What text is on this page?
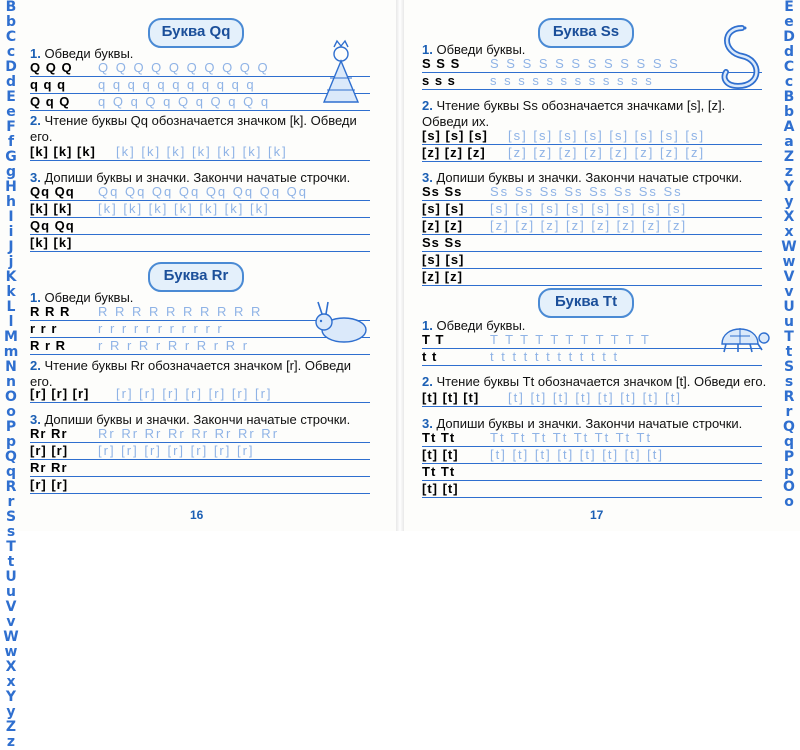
B
b
C
c
D
d
E
e
F
f
G
g
H
h
I
i
J
j
K
k
L
l
M
m
N
n
O
o
P
p
Q
q
R
r
S
s
T
t
U
u
V
v
W
w
X
x
Y
y
Z
z
E
e
D
d
C
c
B
b
A
a
Z
z
Y
y
X
x
W
w
V
v
U
u
T
t
S
s
R
r
Q
q
P
p
O
o
Буква Qq
1. Обведи буквы.
Q Q Q Q Q Q Q Q Q Q Q Q Q
q q q q q q q q q q q q q q
Q q Q q Q q Q q Q q Q q Q q
2. Чтение буквы Qq обозначается значком [k]. Обведи его.
[k] [k] [k] [k] [k] [k] [k] [k] [k] [k]
3. Допиши буквы и значки. Закончи начатые строчки.
Qq Qq Qq Qq Qq Qq Qq Qq Qq Qq
[k] [k] [k] [k] [k] [k] [k] [k] [k]
Qq Qq
[k] [k]
Буква Rr
1. Обведи буквы.
R R R R R R R R R R R R R
r r r	r r r r r r r r r r r
R r R r R r R r R r R r R r
2. Чтение буквы Rr обозначается значком [r]. Обведи его.
[r] [r] [r] [r] [r] [r] [r] [r] [r] [r]
3. Допиши буквы и значки. Закончи начатые строчки.
Rr Rr Rr Rr Rr Rr Rr Rr Rr Rr
[r] [r] [r] [r] [r] [r] [r] [r] [r]
Rr Rr
[r] [r]
16
Буква Ss
1. Обведи буквы.
S S S S S S S S S S S S S S S
s s s	s s s s s s s s s s s s
2. Чтение буквы Ss обозначается значками [s], [z]. Обведи их.
[s] [s] [s] [s] [s] [s] [s] [s] [s] [s] [s]
[z] [z] [z] [z] [z] [z] [z] [z] [z] [z] [z]
3. Допиши буквы и значки. Закончи начатые строчки.
Ss Ss Ss Ss Ss Ss Ss Ss Ss Ss
[s] [s] [s] [s] [s] [s] [s] [s] [s] [s]
[z] [z] [z] [z] [z] [z] [z] [z] [z] [z]
Ss Ss
[s] [s]
[z] [z]
Буква Tt
1. Обведи буквы.
T T	T T T T T T T T T T T
t t	t t t t t t t t t t t t
2. Чтение буквы Tt обозначается значком [t]. Обведи его.
[t] [t] [t] [t] [t] [t] [t] [t] [t] [t] [t]
3. Допиши буквы и значки. Закончи начатые строчки.
Tt Tt	Tt Tt Tt Tt Tt Tt Tt Tt
[t] [t] [t] [t] [t] [t] [t] [t] [t] [t]
Tt Tt
[t] [t]
17
